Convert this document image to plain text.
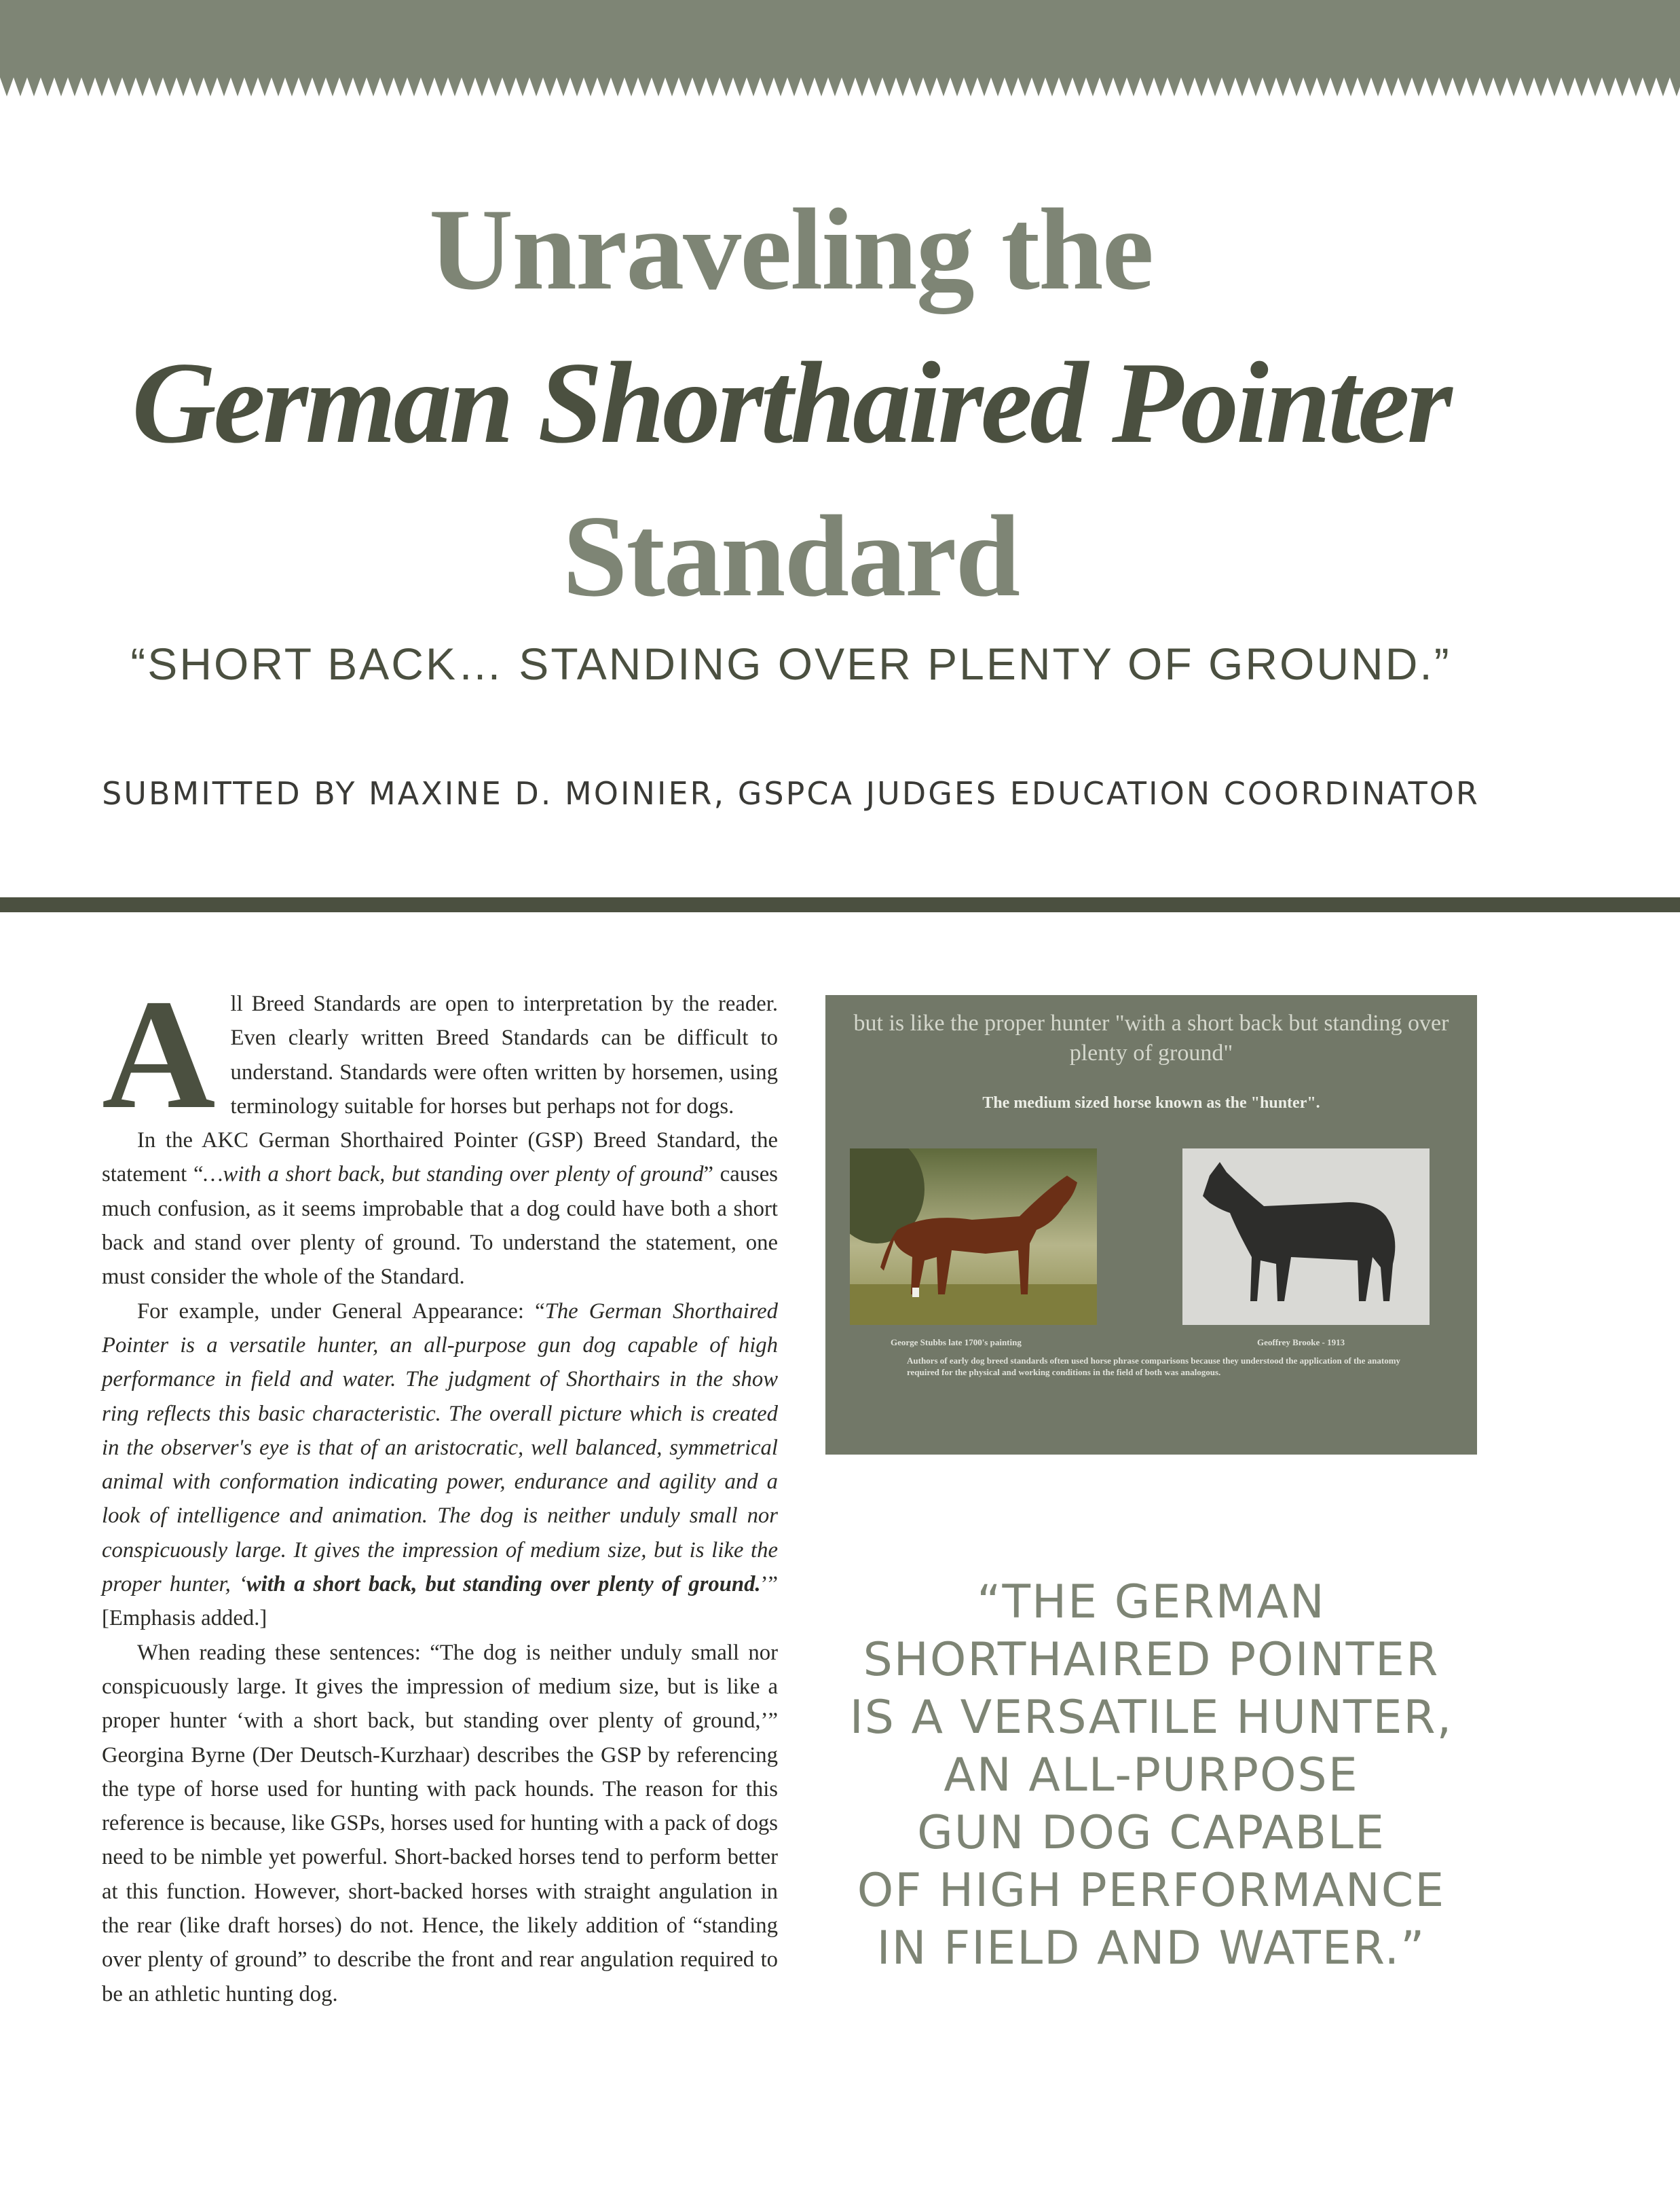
Unraveling the
German Shorthaired Pointer
Standard
“SHORT BACK… STANDING OVER PLENTY OF GROUND.”
SUBMITTED BY MAXINE D. MOINIER, GSPCA JUDGES EDUCATION COORDINATOR

All Breed Standards are open to interpretation by the reader. Even clearly written Breed Standards can be difficult to understand. Standards were often written by horsemen, using terminology suitable for horses but perhaps not for dogs.

In the AKC German Shorthaired Pointer (GSP) Breed Standard, the statement “…with a short back, but standing over plenty of ground” causes much confusion, as it seems improbable that a dog could have both a short back and stand over plenty of ground. To understand the statement, one must consider the whole of the Standard.

For example, under General Appearance: “The German Shorthaired Pointer is a versatile hunter, an all-purpose gun dog capable of high performance in field and water. The judgment of Shorthairs in the show ring reflects this basic characteristic. The overall picture which is created in the observer's eye is that of an aristocratic, well balanced, symmetrical animal with conformation indicating power, endurance and agility and a look of intelligence and animation. The dog is neither unduly small nor conspicuously large. It gives the impression of medium size, but is like the proper hunter, ‘with a short back, but standing over plenty of ground.’” [Emphasis added.]

When reading these sentences: “The dog is neither unduly small nor conspicuously large. It gives the impression of medium size, but is like a proper hunter ‘with a short back, but standing over plenty of ground,’” Georgina Byrne (Der Deutsch-Kurzhaar) describes the GSP by referencing the type of horse used for hunting with pack hounds. The reason for this reference is because, like GSPs, horses used for hunting with a pack of dogs need to be nimble yet powerful. Short-backed horses tend to perform better at this function. However, short-backed horses with straight angulation in the rear (like draft horses) do not. Hence, the likely addition of “standing over plenty of ground” to describe the front and rear angulation required to be an athletic hunting dog.

but is like the proper hunter "with a short back but standing over plenty of ground"
The medium sized horse known as the "hunter".
George Stubbs late 1700's painting	Geoffrey Brooke - 1913
Authors of early dog breed standards often used horse phrase comparisons because they understood the application of the anatomy required for the physical and working conditions in the field of both was analogous.
“THE GERMAN
SHORTHAIRED POINTER
IS A VERSATILE HUNTER,
AN ALL-PURPOSE
GUN DOG CAPABLE
OF HIGH PERFORMANCE
IN FIELD AND WATER.”
